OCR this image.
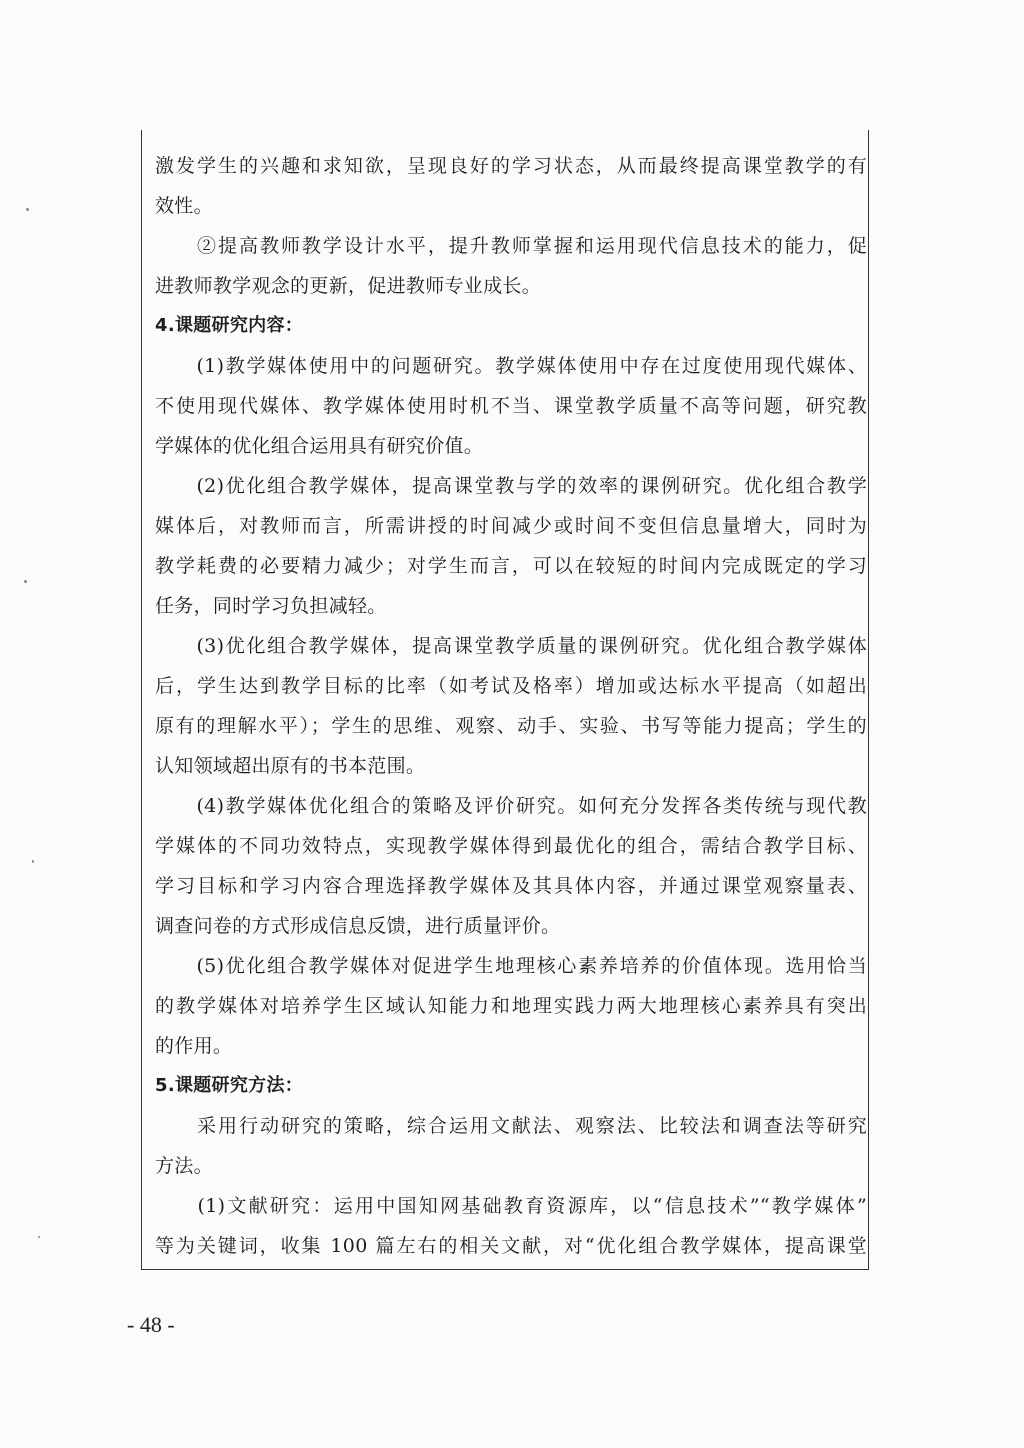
激发学生的兴趣和求知欲，呈现良好的学习状态，从而最终提高课堂教学的有
效性。
　　②提高教师教学设计水平，提升教师掌握和运用现代信息技术的能力，促
进教师教学观念的更新，促进教师专业成长。
4.课题研究内容：
　　(1)教学媒体使用中的问题研究。教学媒体使用中存在过度使用现代媒体、
不使用现代媒体、教学媒体使用时机不当、课堂教学质量不高等问题，研究教
学媒体的优化组合运用具有研究价值。
　　(2)优化组合教学媒体，提高课堂教与学的效率的课例研究。优化组合教学
媒体后，对教师而言，所需讲授的时间减少或时间不变但信息量增大，同时为
教学耗费的必要精力减少；对学生而言，可以在较短的时间内完成既定的学习
任务，同时学习负担减轻。
　　(3)优化组合教学媒体，提高课堂教学质量的课例研究。优化组合教学媒体
后，学生达到教学目标的比率（如考试及格率）增加或达标水平提高（如超出
原有的理解水平）；学生的思维、观察、动手、实验、书写等能力提高；学生的
认知领域超出原有的书本范围。
　　(4)教学媒体优化组合的策略及评价研究。如何充分发挥各类传统与现代教
学媒体的不同功效特点，实现教学媒体得到最优化的组合，需结合教学目标、
学习目标和学习内容合理选择教学媒体及其具体内容，并通过课堂观察量表、
调查问卷的方式形成信息反馈，进行质量评价。
　　(5)优化组合教学媒体对促进学生地理核心素养培养的价值体现。选用恰当
的教学媒体对培养学生区域认知能力和地理实践力两大地理核心素养具有突出
的作用。
5.课题研究方法：
　　采用行动研究的策略，综合运用文献法、观察法、比较法和调查法等研究
方法。
　　(1)文献研究：运用中国知网基础教育资源库，以“信息技术”“教学媒体”
等为关键词，收集 100 篇左右的相关文献，对“优化组合教学媒体，提高课堂
- 48 -
